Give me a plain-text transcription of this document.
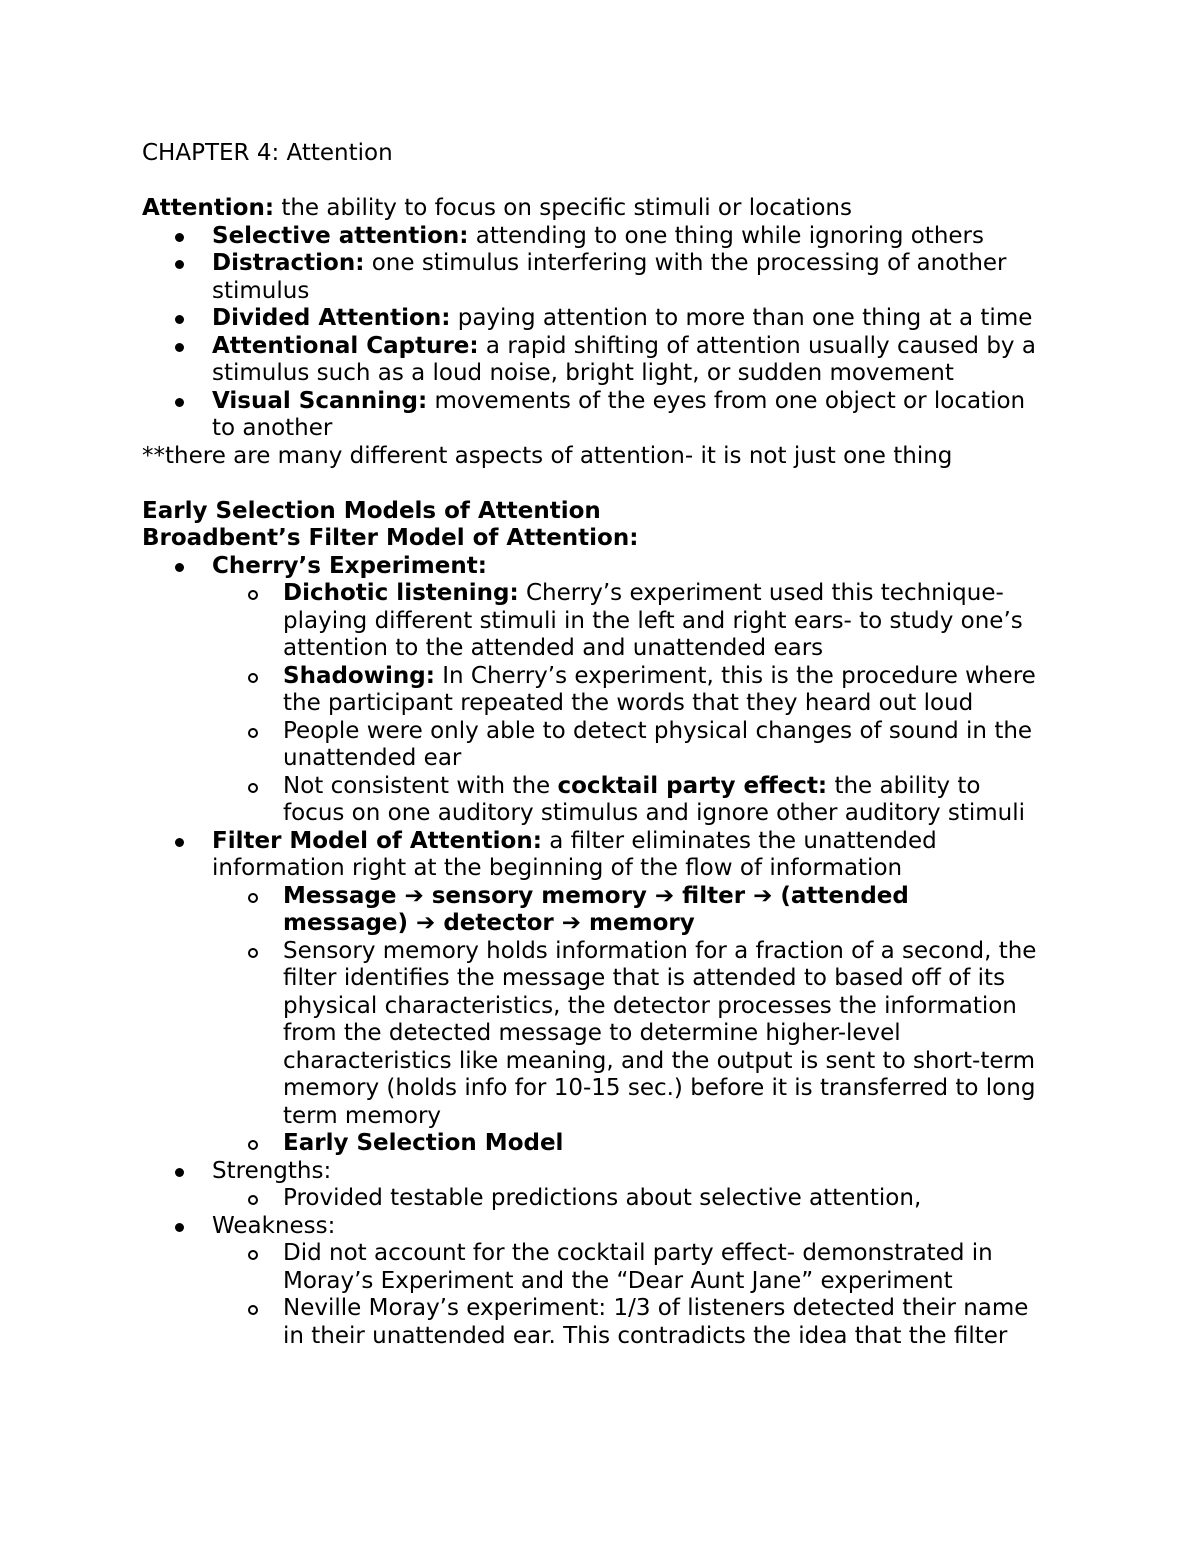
CHAPTER 4: Attention
Attention: the ability to focus on specific stimuli or locations
Selective attention: attending to one thing while ignoring others
Distraction: one stimulus interfering with the processing of another
stimulus
Divided Attention: paying attention to more than one thing at a time
Attentional Capture: a rapid shifting of attention usually caused by a
stimulus such as a loud noise, bright light, or sudden movement
Visual Scanning: movements of the eyes from one object or location
to another
**there are many different aspects of attention- it is not just one thing
Early Selection Models of Attention
Broadbent’s Filter Model of Attention:
Cherry’s Experiment:
Dichotic listening: Cherry’s experiment used this technique-
playing different stimuli in the left and right ears- to study one’s
attention to the attended and unattended ears
Shadowing: In Cherry’s experiment, this is the procedure where
the participant repeated the words that they heard out loud
People were only able to detect physical changes of sound in the
unattended ear
Not consistent with the cocktail party effect: the ability to
focus on one auditory stimulus and ignore other auditory stimuli
Filter Model of Attention: a filter eliminates the unattended
information right at the beginning of the flow of information
Message ➔ sensory memory ➔ filter ➔ (attended
message) ➔ detector ➔ memory
Sensory memory holds information for a fraction of a second, the
filter identifies the message that is attended to based off of its
physical characteristics, the detector processes the information
from the detected message to determine higher-level
characteristics like meaning, and the output is sent to short-term
memory (holds info for 10-15 sec.) before it is transferred to long
term memory
Early Selection Model
Strengths:
Provided testable predictions about selective attention,
Weakness:
Did not account for the cocktail party effect- demonstrated in
Moray’s Experiment and the “Dear Aunt Jane” experiment
Neville Moray’s experiment: 1/3 of listeners detected their name
in their unattended ear. This contradicts the idea that the filter
